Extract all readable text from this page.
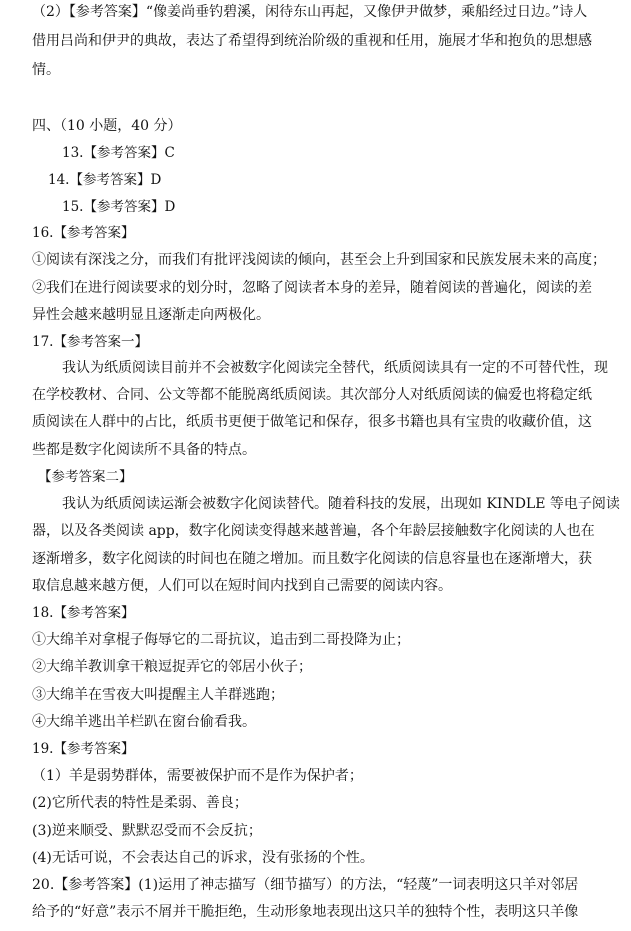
（2）【参考答案】“像姜尚垂钓碧溪，闲待东山再起，又像伊尹做梦，乘船经过日边。”诗人
借用吕尚和伊尹的典故，表达了希望得到统治阶级的重视和任用，施展才华和抱负的思想感
情。
四、（10 小题，40 分）
13.【参考答案】C
14.【参考答案】D
15.【参考答案】D
16.【参考答案】
①阅读有深浅之分，而我们有批评浅阅读的倾向，甚至会上升到国家和民族发展未来的高度；
②我们在进行阅读要求的划分时，忽略了阅读者本身的差异，随着阅读的普遍化，阅读的差
异性会越来越明显且逐渐走向两极化。
17.【参考答案一】
我认为纸质阅读目前并不会被数字化阅读完全替代，纸质阅读具有一定的不可替代性，现
在学校教材、合同、公文等都不能脱离纸质阅读。其次部分人对纸质阅读的偏爱也将稳定纸
质阅读在人群中的占比，纸质书更便于做笔记和保存，很多书籍也具有宝贵的收藏价值，这
些都是数字化阅读所不具备的特点。
【参考答案二】
我认为纸质阅读运渐会被数字化阅读替代。随着科技的发展，出现如 KINDLE 等电子阅读
器，以及各类阅读 app，数字化阅读变得越来越普遍，各个年龄层接触数字化阅读的人也在
逐渐增多，数字化阅读的时间也在随之增加。而且数字化阅读的信息容量也在逐渐增大，获
取信息越来越方便，人们可以在短时间内找到自己需要的阅读内容。
18.【参考答案】
①大绵羊对拿棍子侮辱它的二哥抗议，追击到二哥投降为止；
②大绵羊教训拿干粮逗捉弄它的邻居小伙子；
③大绵羊在雪夜大叫提醒主人羊群逃跑；
④大绵羊逃出羊栏趴在窗台偷看我。
19.【参考答案】
（1）羊是弱势群体，需要被保护而不是作为保护者；
(2)它所代表的特性是柔弱、善良；
(3)逆来顺受、默默忍受而不会反抗；
(4)无话可说，不会表达自己的诉求，没有张扬的个性。
20.【参考答案】(1)运用了神志描写（细节描写）的方法，“轻蔑”一词表明这只羊对邻居
给予的“好意”表示不屑并干脆拒绝，生动形象地表现出这只羊的独特个性，表明这只羊像
